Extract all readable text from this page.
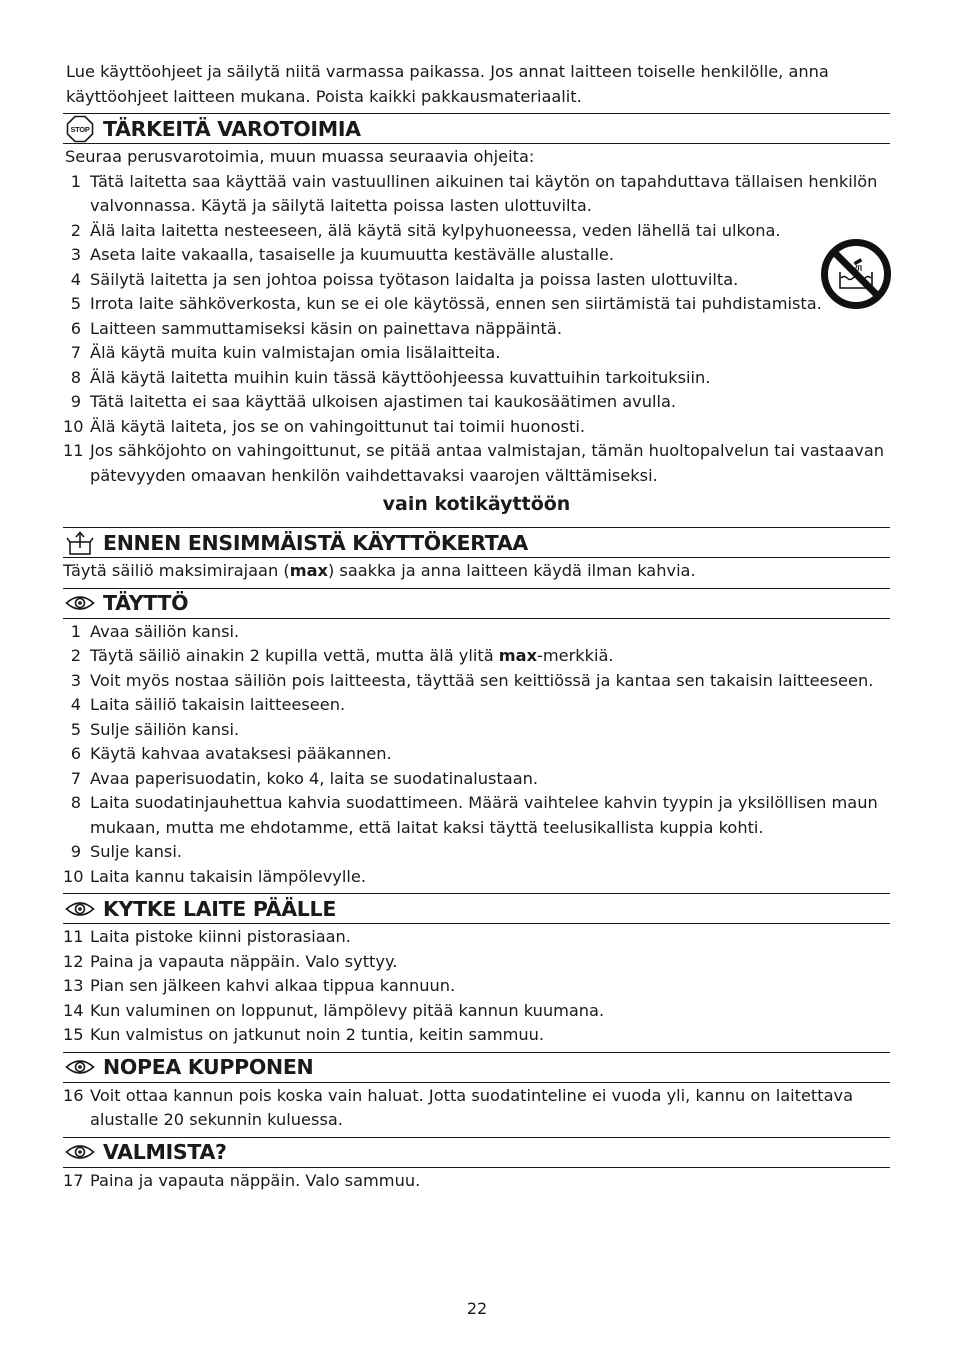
Lue käyttöohjeet ja säilytä niitä varmassa paikassa. Jos annat laitteen toiselle henkilölle, anna käyttöohjeet laitteen mukana. Poista kaikki pakkausmateriaalit.

STOP TÄRKEITÄ VAROTOIMIA

Seuraa perusvarotoimia, muun muassa seuraavia ohjeita:

1 Tätä laitetta saa käyttää vain vastuullinen aikuinen tai käytön on tapahduttava tällaisen henkilön valvonnassa. Käytä ja säilytä laitetta poissa lasten ulottuvilta.
2 Älä laita laitetta nesteeseen, älä käytä sitä kylpyhuoneessa, veden lähellä tai ulkona.
3 Aseta laite vakaalla, tasaiselle ja kuumuutta kestävälle alustalle.
4 Säilytä laitetta ja sen johtoa poissa työtason laidalta ja poissa lasten ulottuvilta.
5 Irrota laite sähköverkosta, kun se ei ole käytössä, ennen sen siirtämistä tai puhdistamista.
6 Laitteen sammuttamiseksi käsin on painettava näppäintä.
7 Älä käytä muita kuin valmistajan omia lisälaitteita.
8 Älä käytä laitetta muihin kuin tässä käyttöohjeessa kuvattuihin tarkoituksiin.
9 Tätä laitetta ei saa käyttää ulkoisen ajastimen tai kaukosäätimen avulla.
10 Älä käytä laiteta, jos se on vahingoittunut tai toimii huonosti.
11 Jos sähköjohto on vahingoittunut, se pitää antaa valmistajan, tämän huoltopalvelun tai vastaavan pätevyyden omaavan henkilön vaihdettavaksi vaarojen välttämiseksi.
vain kotikäyttöön
ENNEN ENSIMMÄISTÄ KÄYTTÖKERTAA

Täytä säiliö maksimirajaan (max) saakka ja anna laitteen käydä ilman kahvia.

TÄYTTÖ
1 Avaa säiliön kansi.
2 Täytä säiliö ainakin 2 kupilla vettä, mutta älä ylitä max-merkkiä.
3 Voit myös nostaa säiliön pois laitteesta, täyttää sen keittiössä ja kantaa sen takaisin laitteeseen.
4 Laita säiliö takaisin laitteeseen.
5 Sulje säiliön kansi.
6 Käytä kahvaa avataksesi pääkannen.
7 Avaa paperisuodatin, koko 4, laita se suodatinalustaan.
8 Laita suodatinjauhettua kahvia suodattimeen. Määrä vaihtelee kahvin tyypin ja yksilöllisen maun mukaan, mutta me ehdotamme, että laitat kaksi täyttä teelusikallista kuppia kohti.
9 Sulje kansi.
10 Laita kannu takaisin lämpölevylle.
KYTKE LAITE PÄÄLLE
11 Laita pistoke kiinni pistorasiaan.
12 Paina ja vapauta näppäin. Valo syttyy.
13 Pian sen jälkeen kahvi alkaa tippua kannuun.
14 Kun valuminen on loppunut, lämpölevy pitää kannun kuumana.
15 Kun valmistus on jatkunut noin 2 tuntia, keitin sammuu.
NOPEA KUPPONEN
16 Voit ottaa kannun pois koska vain haluat. Jotta suodatinteline ei vuoda yli, kannu on laitettava alustalle 20 sekunnin kuluessa.
VALMISTA?
17 Paina ja vapauta näppäin. Valo sammuu.
22
